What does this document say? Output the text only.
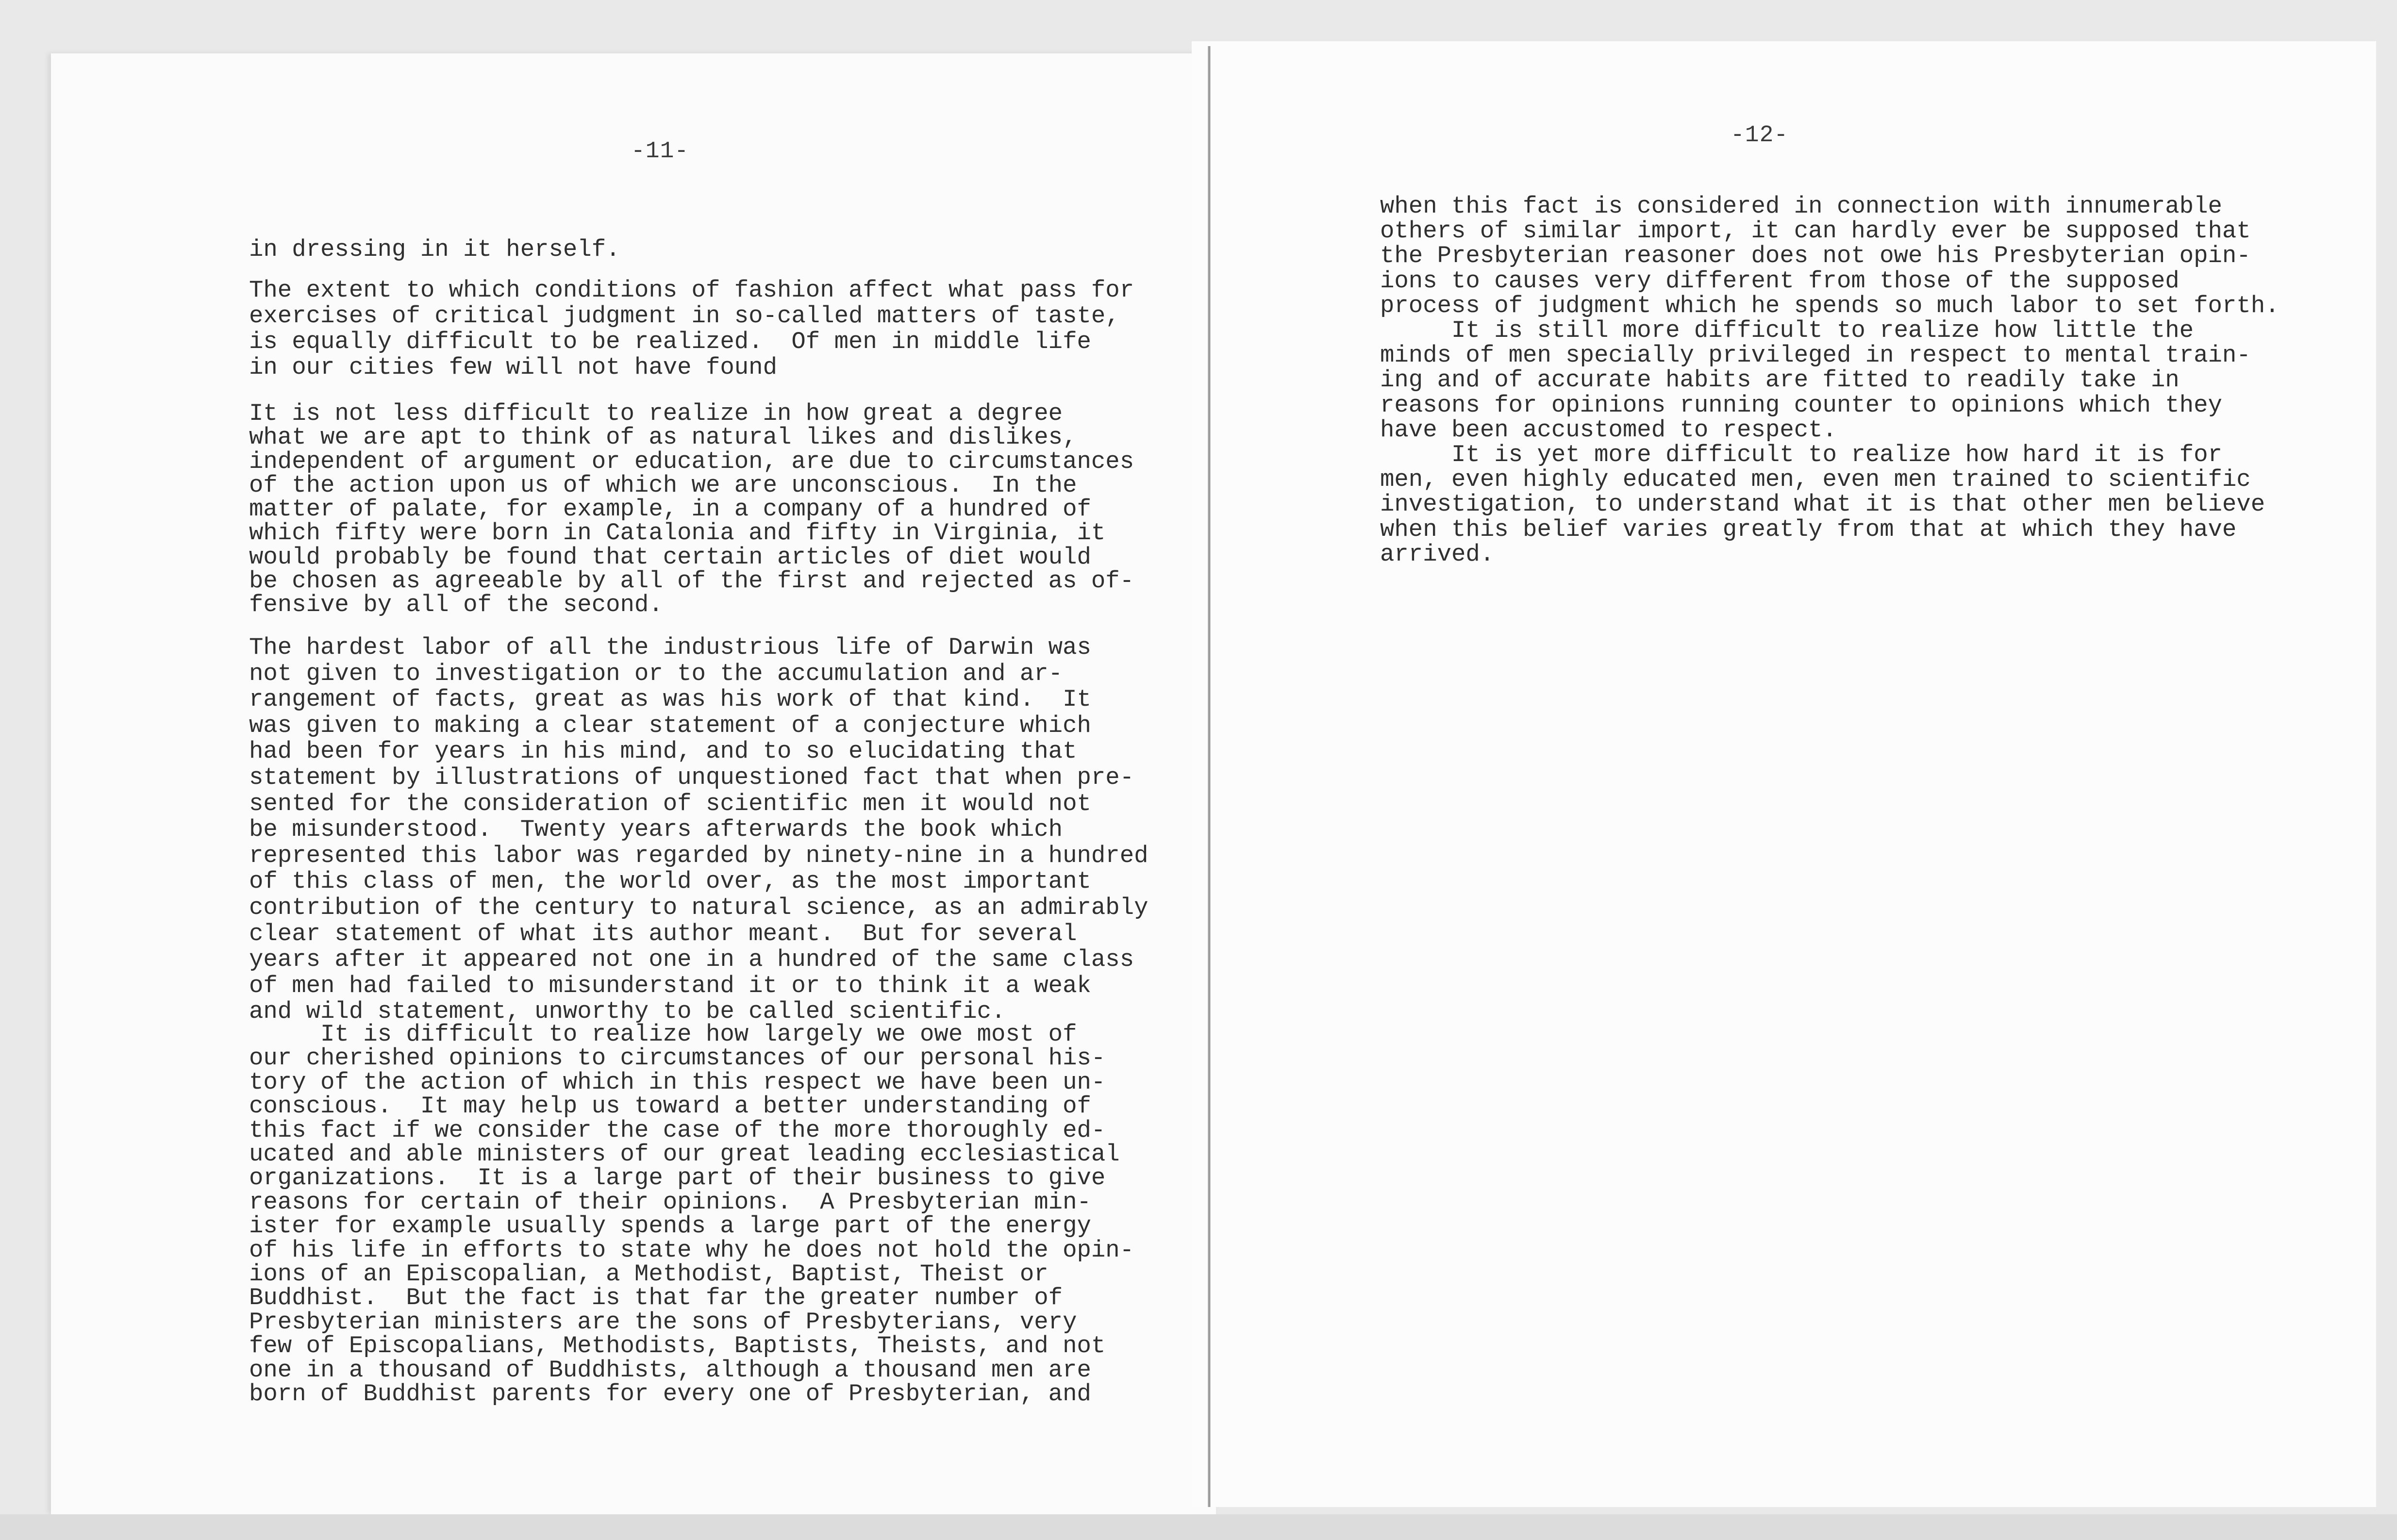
-11-
-12-
in dressing in it herself.
The extent to which conditions of fashion affect what pass for
exercises of critical judgment in so-called matters of taste,
is equally difficult to be realized.  Of men in middle life
in our cities few will not have found
It is not less difficult to realize in how great a degree
what we are apt to think of as natural likes and dislikes,
independent of argument or education, are due to circumstances
of the action upon us of which we are unconscious.  In the
matter of palate, for example, in a company of a hundred of
which fifty were born in Catalonia and fifty in Virginia, it
would probably be found that certain articles of diet would
be chosen as agreeable by all of the first and rejected as of-
fensive by all of the second.
The hardest labor of all the industrious life of Darwin was
not given to investigation or to the accumulation and ar-
rangement of facts, great as was his work of that kind.  It
was given to making a clear statement of a conjecture which
had been for years in his mind, and to so elucidating that
statement by illustrations of unquestioned fact that when pre-
sented for the consideration of scientific men it would not
be misunderstood.  Twenty years afterwards the book which
represented this labor was regarded by ninety-nine in a hundred
of this class of men, the world over, as the most important
contribution of the century to natural science, as an admirably
clear statement of what its author meant.  But for several
years after it appeared not one in a hundred of the same class
of men had failed to misunderstand it or to think it a weak
and wild statement, unworthy to be called scientific.
It is difficult to realize how largely we owe most of
our cherished opinions to circumstances of our personal his-
tory of the action of which in this respect we have been un-
conscious.  It may help us toward a better understanding of
this fact if we consider the case of the more thoroughly ed-
ucated and able ministers of our great leading ecclesiastical
organizations.  It is a large part of their business to give
reasons for certain of their opinions.  A Presbyterian min-
ister for example usually spends a large part of the energy
of his life in efforts to state why he does not hold the opin-
ions of an Episcopalian, a Methodist, Baptist, Theist or
Buddhist.  But the fact is that far the greater number of
Presbyterian ministers are the sons of Presbyterians, very
few of Episcopalians, Methodists, Baptists, Theists, and not
one in a thousand of Buddhists, although a thousand men are
born of Buddhist parents for every one of Presbyterian, and
when this fact is considered in connection with innumerable
others of similar import, it can hardly ever be supposed that
the Presbyterian reasoner does not owe his Presbyterian opin-
ions to causes very different from those of the supposed
process of judgment which he spends so much labor to set forth.
It is still more difficult to realize how little the
minds of men specially privileged in respect to mental train-
ing and of accurate habits are fitted to readily take in
reasons for opinions running counter to opinions which they
have been accustomed to respect.
It is yet more difficult to realize how hard it is for
men, even highly educated men, even men trained to scientific
investigation, to understand what it is that other men believe
when this belief varies greatly from that at which they have
arrived.
